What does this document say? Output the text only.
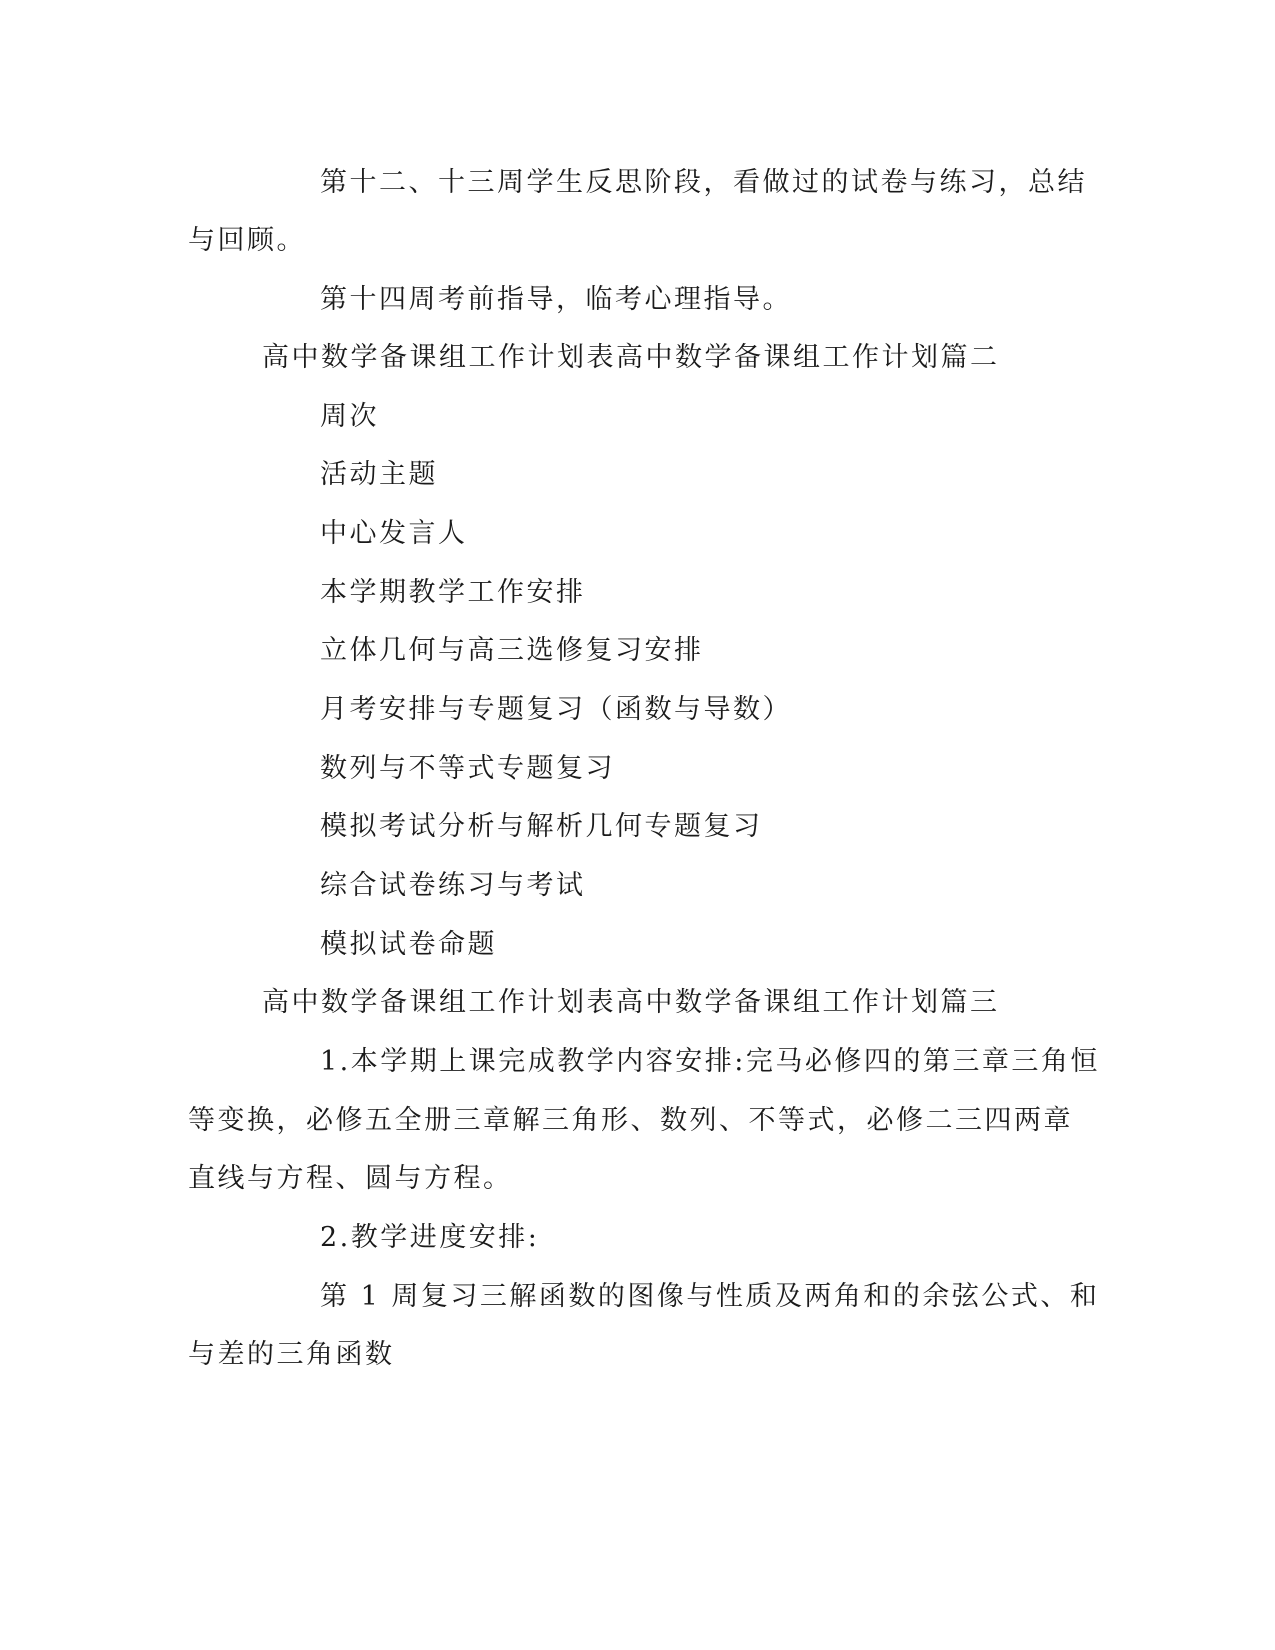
第十二、十三周学生反思阶段，看做过的试卷与练习，总结
与回顾。
第十四周考前指导，临考心理指导。
高中数学备课组工作计划表高中数学备课组工作计划篇二
周次
活动主题
中心发言人
本学期教学工作安排
立体几何与高三选修复习安排
月考安排与专题复习（函数与导数）
数列与不等式专题复习
模拟考试分析与解析几何专题复习
综合试卷练习与考试
模拟试卷命题
高中数学备课组工作计划表高中数学备课组工作计划篇三
1.本学期上课完成教学内容安排:完马必修四的第三章三角恒
等变换，必修五全册三章解三角形、数列、不等式，必修二三四两章
直线与方程、圆与方程。
2.教学进度安排:
第 1 周复习三解函数的图像与性质及两角和的余弦公式、和
与差的三角函数
